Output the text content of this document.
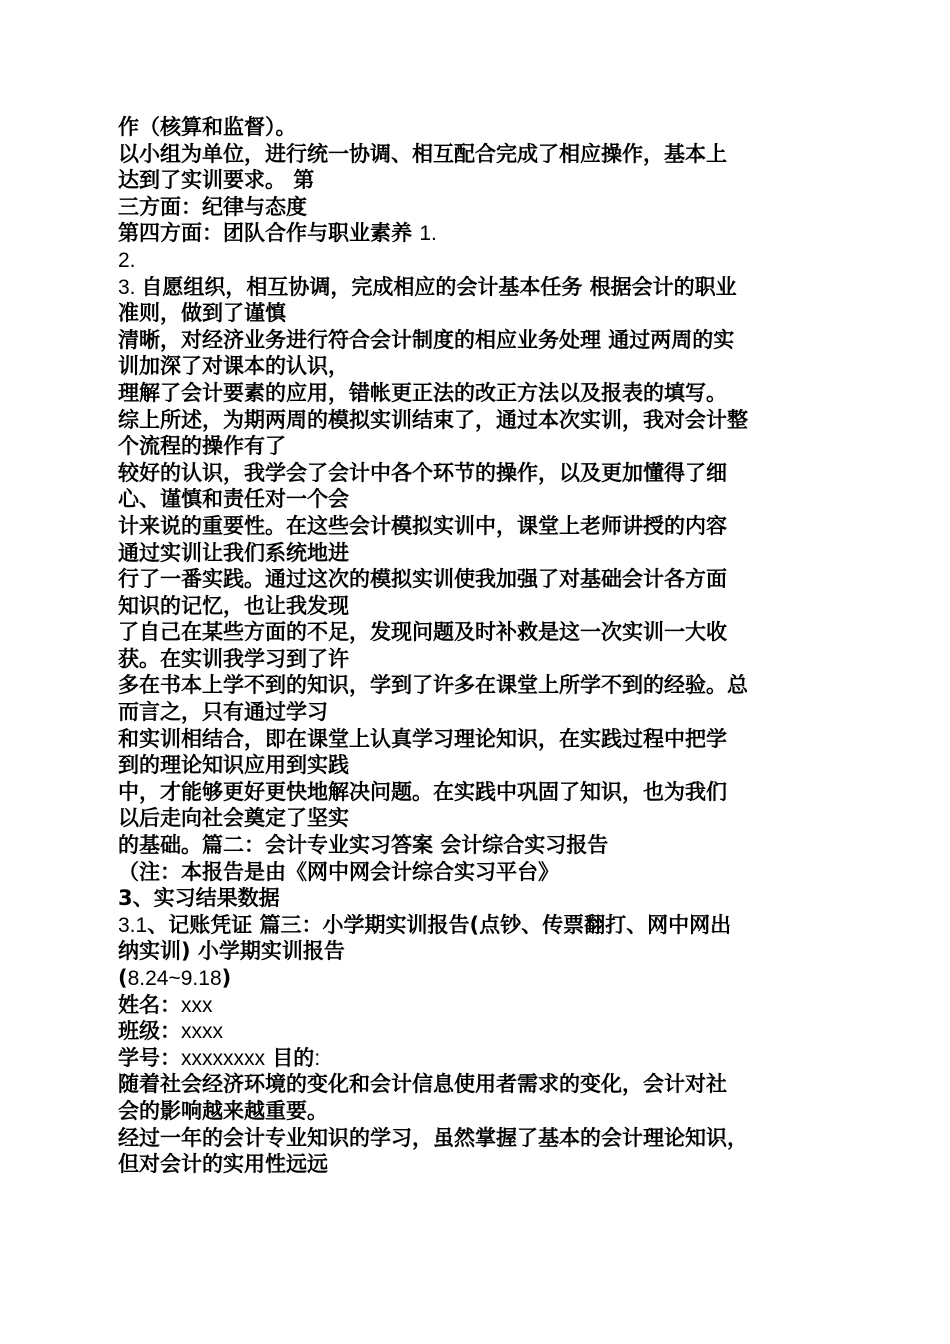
作（核算和监督）。
以小组为单位，进行统一协调、相互配合完成了相应操作，基本上
达到了实训要求。 第
三方面：纪律与态度
第四方面：团队合作与职业素养 1.
2.
3. 自愿组织，相互协调，完成相应的会计基本任务 根据会计的职业
准则，做到了谨慎
清晰，对经济业务进行符合会计制度的相应业务处理 通过两周的实
训加深了对课本的认识，
理解了会计要素的应用，错帐更正法的改正方法以及报表的填写。
综上所述，为期两周的模拟实训结束了，通过本次实训，我对会计整
个流程的操作有了
较好的认识，我学会了会计中各个环节的操作，以及更加懂得了细
心、谨慎和责任对一个会
计来说的重要性。在这些会计模拟实训中，课堂上老师讲授的内容
通过实训让我们系统地进
行了一番实践。通过这次的模拟实训使我加强了对基础会计各方面
知识的记忆，也让我发现
了自己在某些方面的不足，发现问题及时补救是这一次实训一大收
获。在实训我学习到了许
多在书本上学不到的知识，学到了许多在课堂上所学不到的经验。总
而言之，只有通过学习
和实训相结合，即在课堂上认真学习理论知识，在实践过程中把学
到的理论知识应用到实践
中，才能够更好更快地解决问题。在实践中巩固了知识，也为我们
以后走向社会奠定了坚实
的基础。篇二：会计专业实习答案 会计综合实习报告
（注：本报告是由《网中网会计综合实习平台》
3、实习结果数据
3.1、记账凭证 篇三：小学期实训报告(点钞、传票翻打、网中网出
纳实训) 小学期实训报告
(8.24~9.18)
姓名：xxx
班级：xxxx
学号：xxxxxxxx 目的:
随着社会经济环境的变化和会计信息使用者需求的变化，会计对社
会的影响越来越重要。
经过一年的会计专业知识的学习，虽然掌握了基本的会计理论知识，
但对会计的实用性远远
